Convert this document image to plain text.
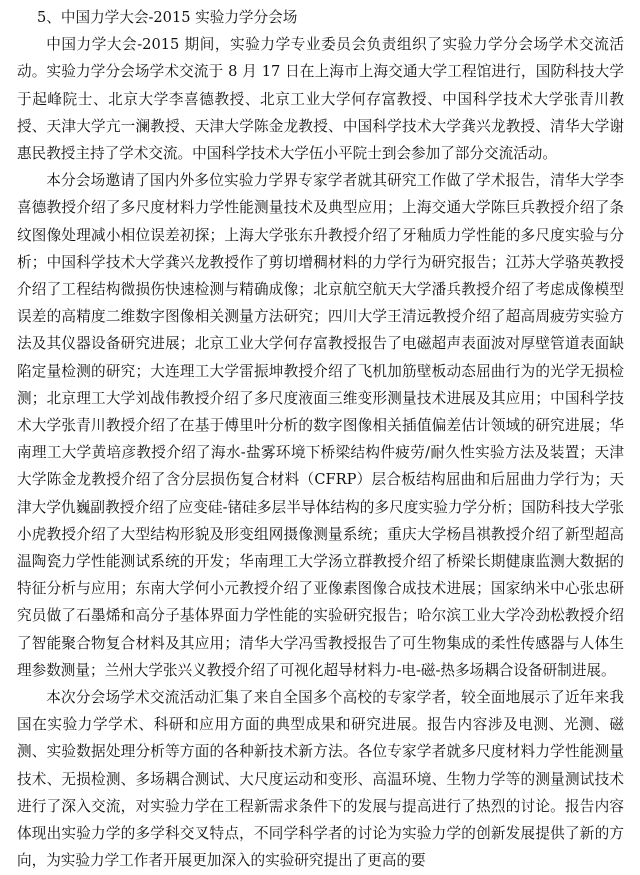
5、中国力学大会-2015 实验力学分会场

中国力学大会-2015 期间，实验力学专业委员会负责组织了实验力学分会场学术交流活动。实验力学分会场学术交流于 8 月 17 日在上海市上海交通大学工程馆进行，国防科技大学于起峰院士、北京大学李喜德教授、北京工业大学何存富教授、中国科学技术大学张青川教授、天津大学亢一澜教授、天津大学陈金龙教授、中国科学技术大学龚兴龙教授、清华大学谢惠民教授主持了学术交流。中国科学技术大学伍小平院士到会参加了部分交流活动。

本分会场邀请了国内外多位实验力学界专家学者就其研究工作做了学术报告，清华大学李喜德教授介绍了多尺度材料力学性能测量技术及典型应用；上海交通大学陈巨兵教授介绍了条纹图像处理减小相位误差初探；上海大学张东升教授介绍了牙釉质力学性能的多尺度实验与分析；中国科学技术大学龚兴龙教授作了剪切增稠材料的力学行为研究报告；江苏大学骆英教授介绍了工程结构微损伤快速检测与精确成像；北京航空航天大学潘兵教授介绍了考虑成像模型误差的高精度二维数字图像相关测量方法研究；四川大学王清远教授介绍了超高周疲劳实验方法及其仪器设备研究进展；北京工业大学何存富教授报告了电磁超声表面波对厚壁管道表面缺陷定量检测的研究；大连理工大学雷振坤教授介绍了飞机加筋壁板动态屈曲行为的光学无损检测；北京理工大学刘战伟教授介绍了多尺度液面三维变形测量技术进展及其应用；中国科学技术大学张青川教授介绍了在基于傅里叶分析的数字图像相关插值偏差估计领域的研究进展；华南理工大学黄培彦教授介绍了海水-盐雾环境下桥梁结构件疲劳/耐久性实验方法及装置；天津大学陈金龙教授介绍了含分层损伤复合材料（CFRP）层合板结构屈曲和后屈曲力学行为；天津大学仇巍副教授介绍了应变硅-锗硅多层半导体结构的多尺度实验力学分析；国防科技大学张小虎教授介绍了大型结构形貌及形变组网摄像测量系统；重庆大学杨昌祺教授介绍了新型超高温陶瓷力学性能测试系统的开发；华南理工大学汤立群教授介绍了桥梁长期健康监测大数据的特征分析与应用；东南大学何小元教授介绍了亚像素图像合成技术进展；国家纳米中心张忠研究员做了石墨烯和高分子基体界面力学性能的实验研究报告；哈尔滨工业大学冷劲松教授介绍了智能聚合物复合材料及其应用；清华大学冯雪教授报告了可生物集成的柔性传感器与人体生理参数测量；兰州大学张兴义教授介绍了可视化超导材料力-电-磁-热多场耦合设备研制进展。

本次分会场学术交流活动汇集了来自全国多个高校的专家学者，较全面地展示了近年来我国在实验力学学术、科研和应用方面的典型成果和研究进展。报告内容涉及电测、光测、磁测、实验数据处理分析等方面的各种新技术新方法。各位专家学者就多尺度材料力学性能测量技术、无损检测、多场耦合测试、大尺度运动和变形、高温环境、生物力学等的测量测试技术进行了深入交流，对实验力学在工程新需求条件下的发展与提高进行了热烈的讨论。报告内容体现出实验力学的多学科交叉特点，不同学科学者的讨论为实验力学的创新发展提供了新的方向，为实验力学工作者开展更加深入的实验研究提出了更高的要
